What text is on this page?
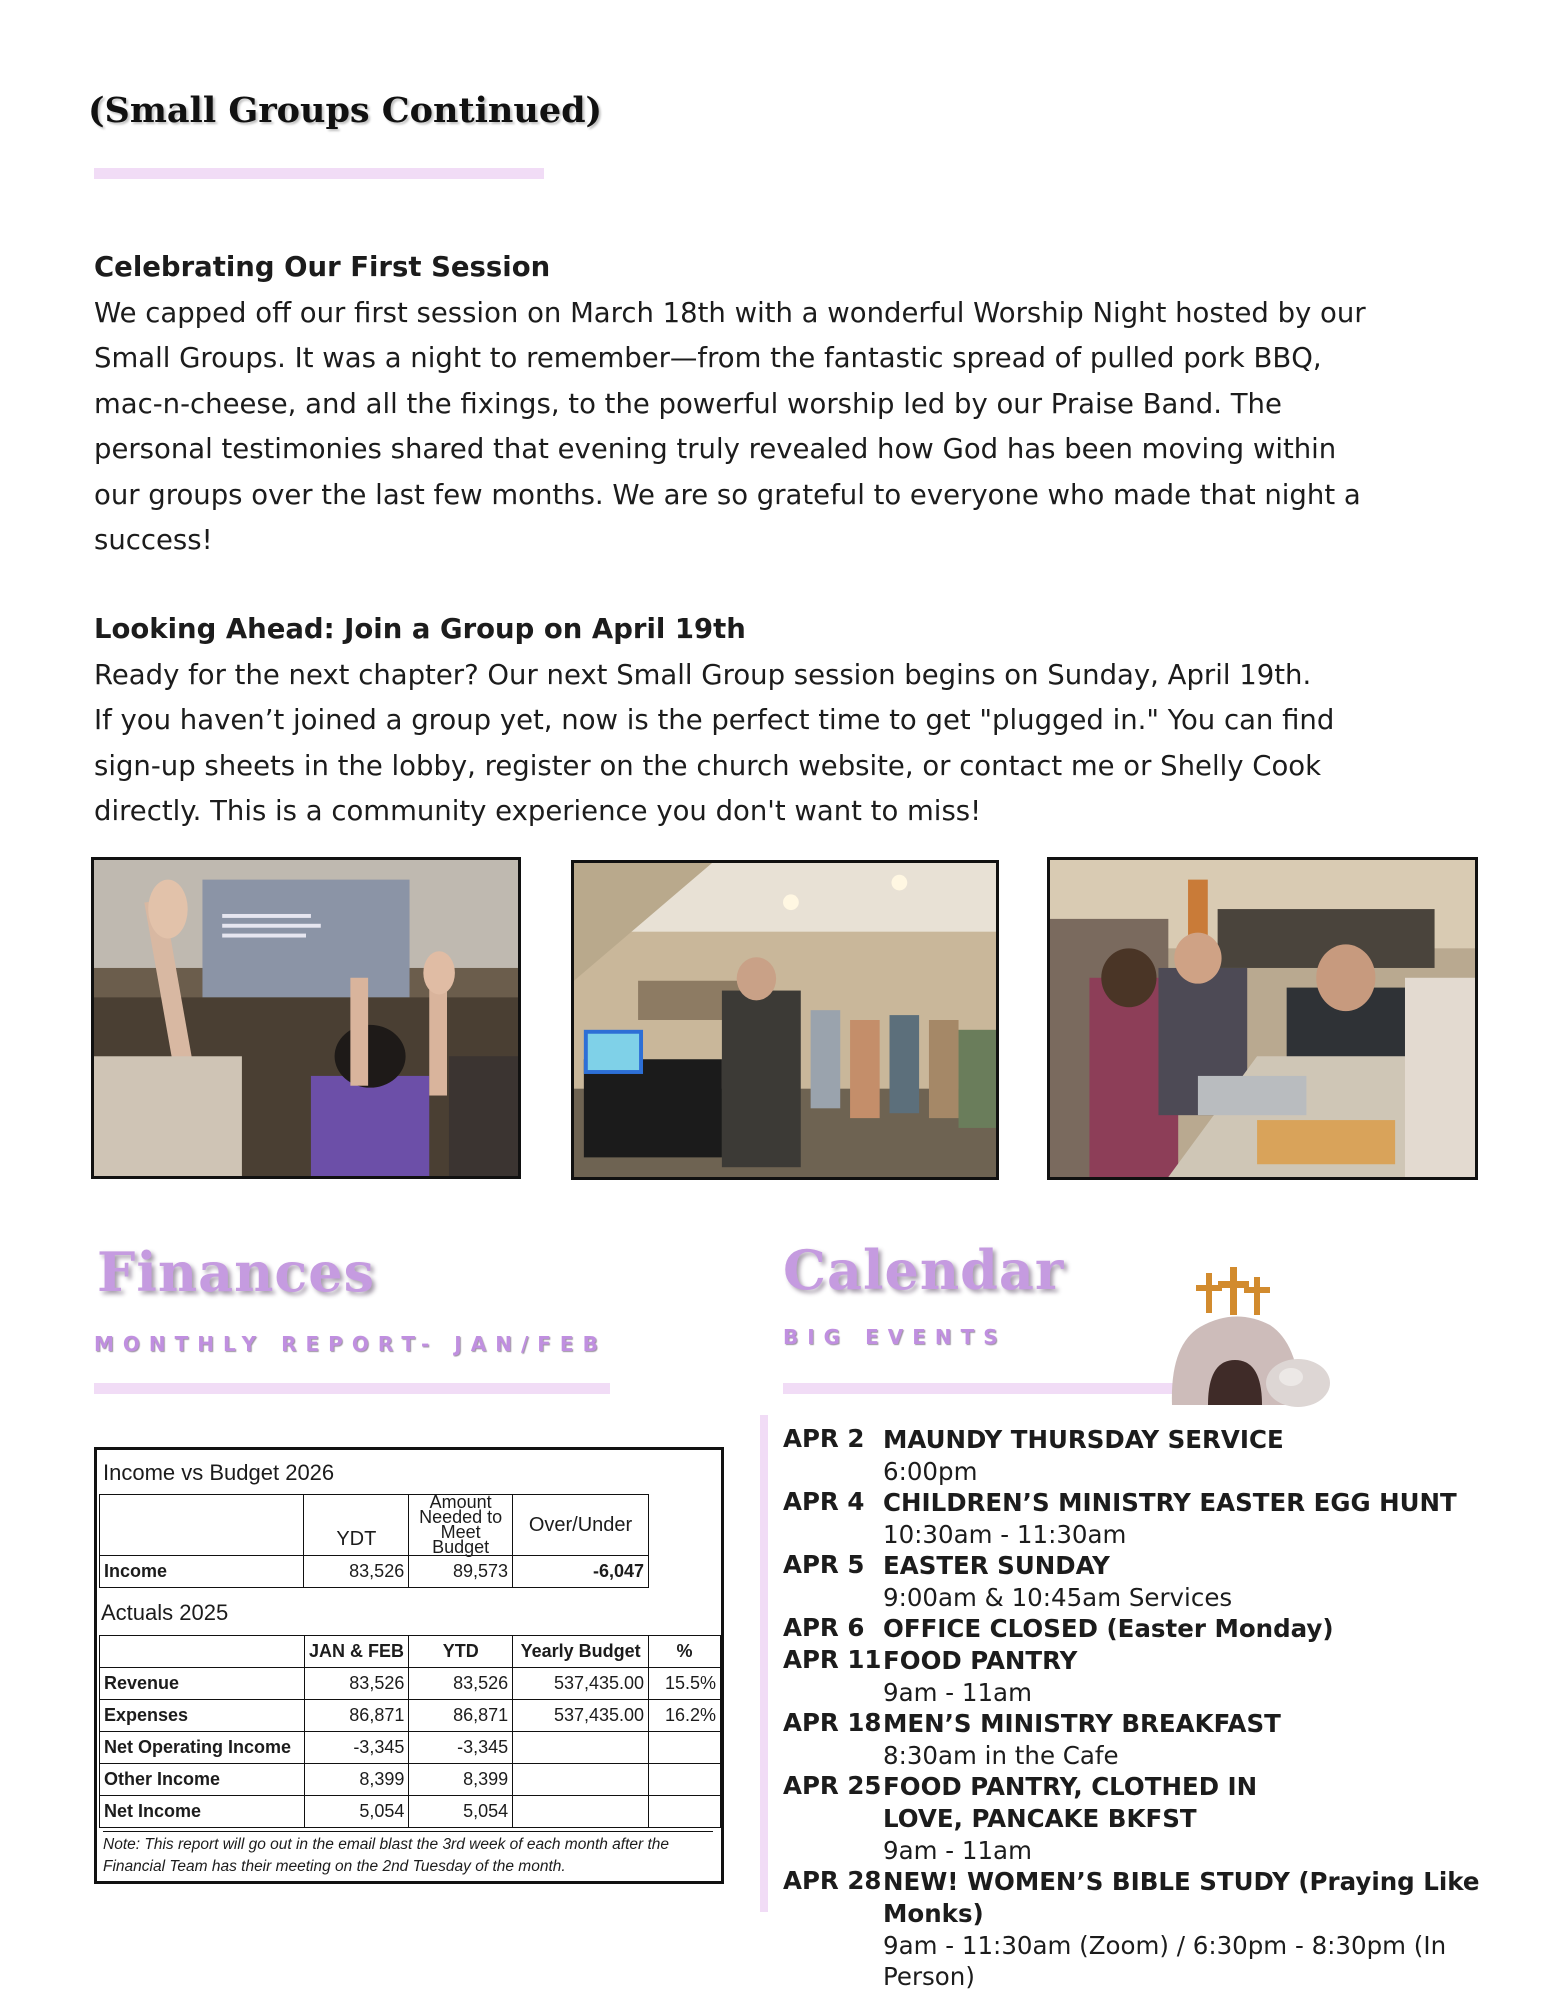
(Small Groups Continued)
Celebrating Our First Session

We capped off our first session on March 18th with a wonderful Worship Night hosted by our
Small Groups. It was a night to remember—from the fantastic spread of pulled pork BBQ,
mac-n-cheese, and all the fixings, to the powerful worship led by our Praise Band. The
personal testimonies shared that evening truly revealed how God has been moving within
our groups over the last few months. We are so grateful to everyone who made that night a
success!

Looking Ahead: Join a Group on April 19th

Ready for the next chapter? Our next Small Group session begins on Sunday, April 19th.
If you haven’t joined a group yet, now is the perfect time to get "plugged in." You can find
sign-up sheets in the lobby, register on the church website, or contact me or Shelly Cook
directly. This is a community experience you don't want to miss!

Finances
MONTHLY REPORT- JAN/FEB
Income vs Budget 2026
	YDT	Amount Needed to Meet Budget	Over/Under
Income	83,526	89,573	-6,047
Actuals 2025
	JAN & FEB	YTD	Yearly Budget	%
Revenue	83,526	83,526	537,435.00	15.5%
Expenses	86,871	86,871	537,435.00	16.2%
Net Operating Income	-3,345	-3,345		
Other Income	8,399	8,399		
Net Income	5,054	5,054		
Note: This report will go out in the email blast the 3rd week of each month after the Financial Team has their meeting on the 2nd Tuesday of the month.
Calendar
BIG EVENTS
APR 2 MAUNDY THURSDAY SERVICE
6:00pm
APR 4 CHILDREN’S MINISTRY EASTER EGG HUNT
10:30am - 11:30am
APR 5 EASTER SUNDAY
9:00am & 10:45am Services
APR 6 OFFICE CLOSED (Easter Monday)
APR 11 FOOD PANTRY
9am - 11am
APR 18 MEN’S MINISTRY BREAKFAST
8:30am in the Cafe
APR 25 FOOD PANTRY, CLOTHED IN LOVE, PANCAKE BKFST
9am - 11am
APR 28 NEW! WOMEN’S BIBLE STUDY (Praying Like Monks)
9am - 11:30am (Zoom) / 6:30pm - 8:30pm (In Person)
